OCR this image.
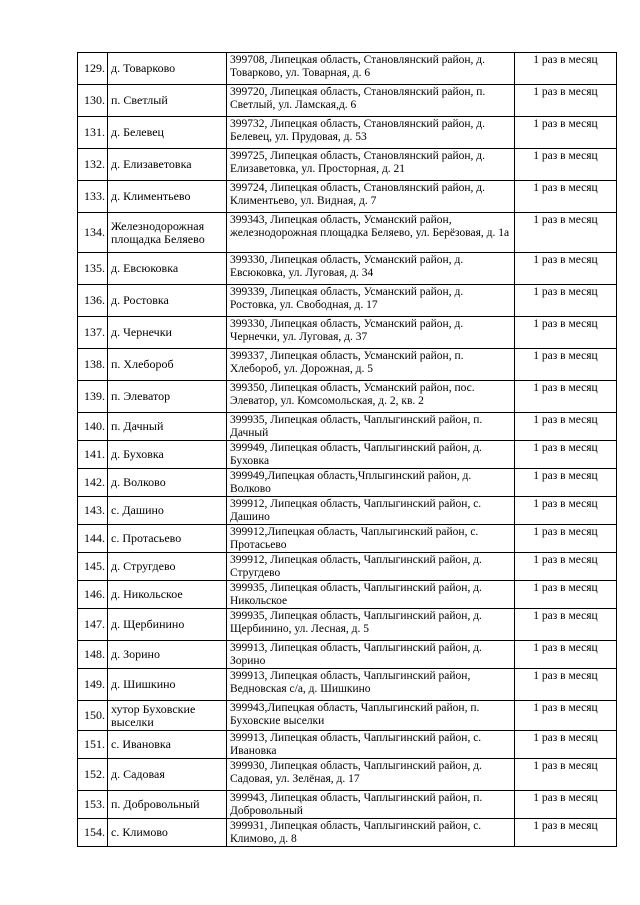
129.	д. Товарково	399708, Липецкая область, Становлянский район, д. Товарково, ул. Товарная, д. 6	1 раз в месяц
130.	п. Светлый	399720, Липецкая область, Становлянский район, п. Светлый, ул. Ламская,д. 6	1 раз в месяц
131.	д. Белевец	399732, Липецкая область, Становлянский район, д. Белевец, ул. Прудовая, д. 53	1 раз в месяц
132.	д. Елизаветовка	399725, Липецкая область, Становлянский район, д. Елизаветовка, ул. Просторная, д. 21	1 раз в месяц
133.	д. Климентьево	399724, Липецкая область, Становлянский район, д. Климентьево, ул. Видная, д. 7	1 раз в месяц
134.	Железнодорожная площадка Беляево	399343, Липецкая область, Усманский район, железнодорожная площадка Беляево, ул. Берёзовая, д. 1а	1 раз в месяц
135.	д. Евсюковка	399330, Липецкая область, Усманский район, д. Евсюковка, ул. Луговая, д. 34	1 раз в месяц
136.	д. Ростовка	399339, Липецкая область, Усманский район, д. Ростовка, ул. Свободная, д. 17	1 раз в месяц
137.	д. Чернечки	399330, Липецкая область, Усманский район, д. Чернечки, ул. Луговая, д. 37	1 раз в месяц
138.	п. Хлебороб	399337, Липецкая область, Усманский район, п. Хлебороб, ул. Дорожная, д. 5	1 раз в месяц
139.	п. Элеватор	399350, Липецкая область, Усманский район, пос. Элеватор, ул. Комсомольская, д. 2, кв. 2	1 раз в месяц
140.	п. Дачный	399935, Липецкая область, Чаплыгинский район, п. Дачный	1 раз в месяц
141.	д. Буховка	399949, Липецкая область, Чаплыгинский район, д. Буховка	1 раз в месяц
142.	д. Волково	399949,Липецкая область,Чплыгинский район, д. Волково	1 раз в месяц
143.	с. Дашино	399912, Липецкая область, Чаплыгинский район, с. Дашино	1 раз в месяц
144.	с. Протасьево	399912,Липецкая область, Чаплыгинский район, с. Протасьево	1 раз в месяц
145.	д. Стругдево	399912, Липецкая область, Чаплыгинский район, д. Стругдево	1 раз в месяц
146.	д. Никольское	399935, Липецкая область, Чаплыгинский район, д. Никольское	1 раз в месяц
147.	д. Щербинино	399935, Липецкая область, Чаплыгинский район, д. Щербинино, ул. Лесная, д. 5	1 раз в месяц
148.	д. Зорино	399913, Липецкая область, Чаплыгинский район, д. Зорино	1 раз в месяц
149.	д. Шишкино	399913, Липецкая область, Чаплыгинский район, Ведновская с/а, д. Шишкино	1 раз в месяц
150.	хутор Буховские выселки	399943,Липецкая область, Чаплыгинский район, п. Буховские выселки	1 раз в месяц
151.	с. Ивановка	399913, Липецкая область, Чаплыгинский район, с. Ивановка	1 раз в месяц
152.	д. Садовая	399930, Липецкая область, Чаплыгинский район, д. Садовая, ул. Зелёная, д. 17	1 раз в месяц
153.	п. Добровольный	399943, Липецкая область, Чаплыгинский район, п. Добровольный	1 раз в месяц
154.	с. Климово	399931, Липецкая область, Чаплыгинский район, с. Климово, д. 8	1 раз в месяц
